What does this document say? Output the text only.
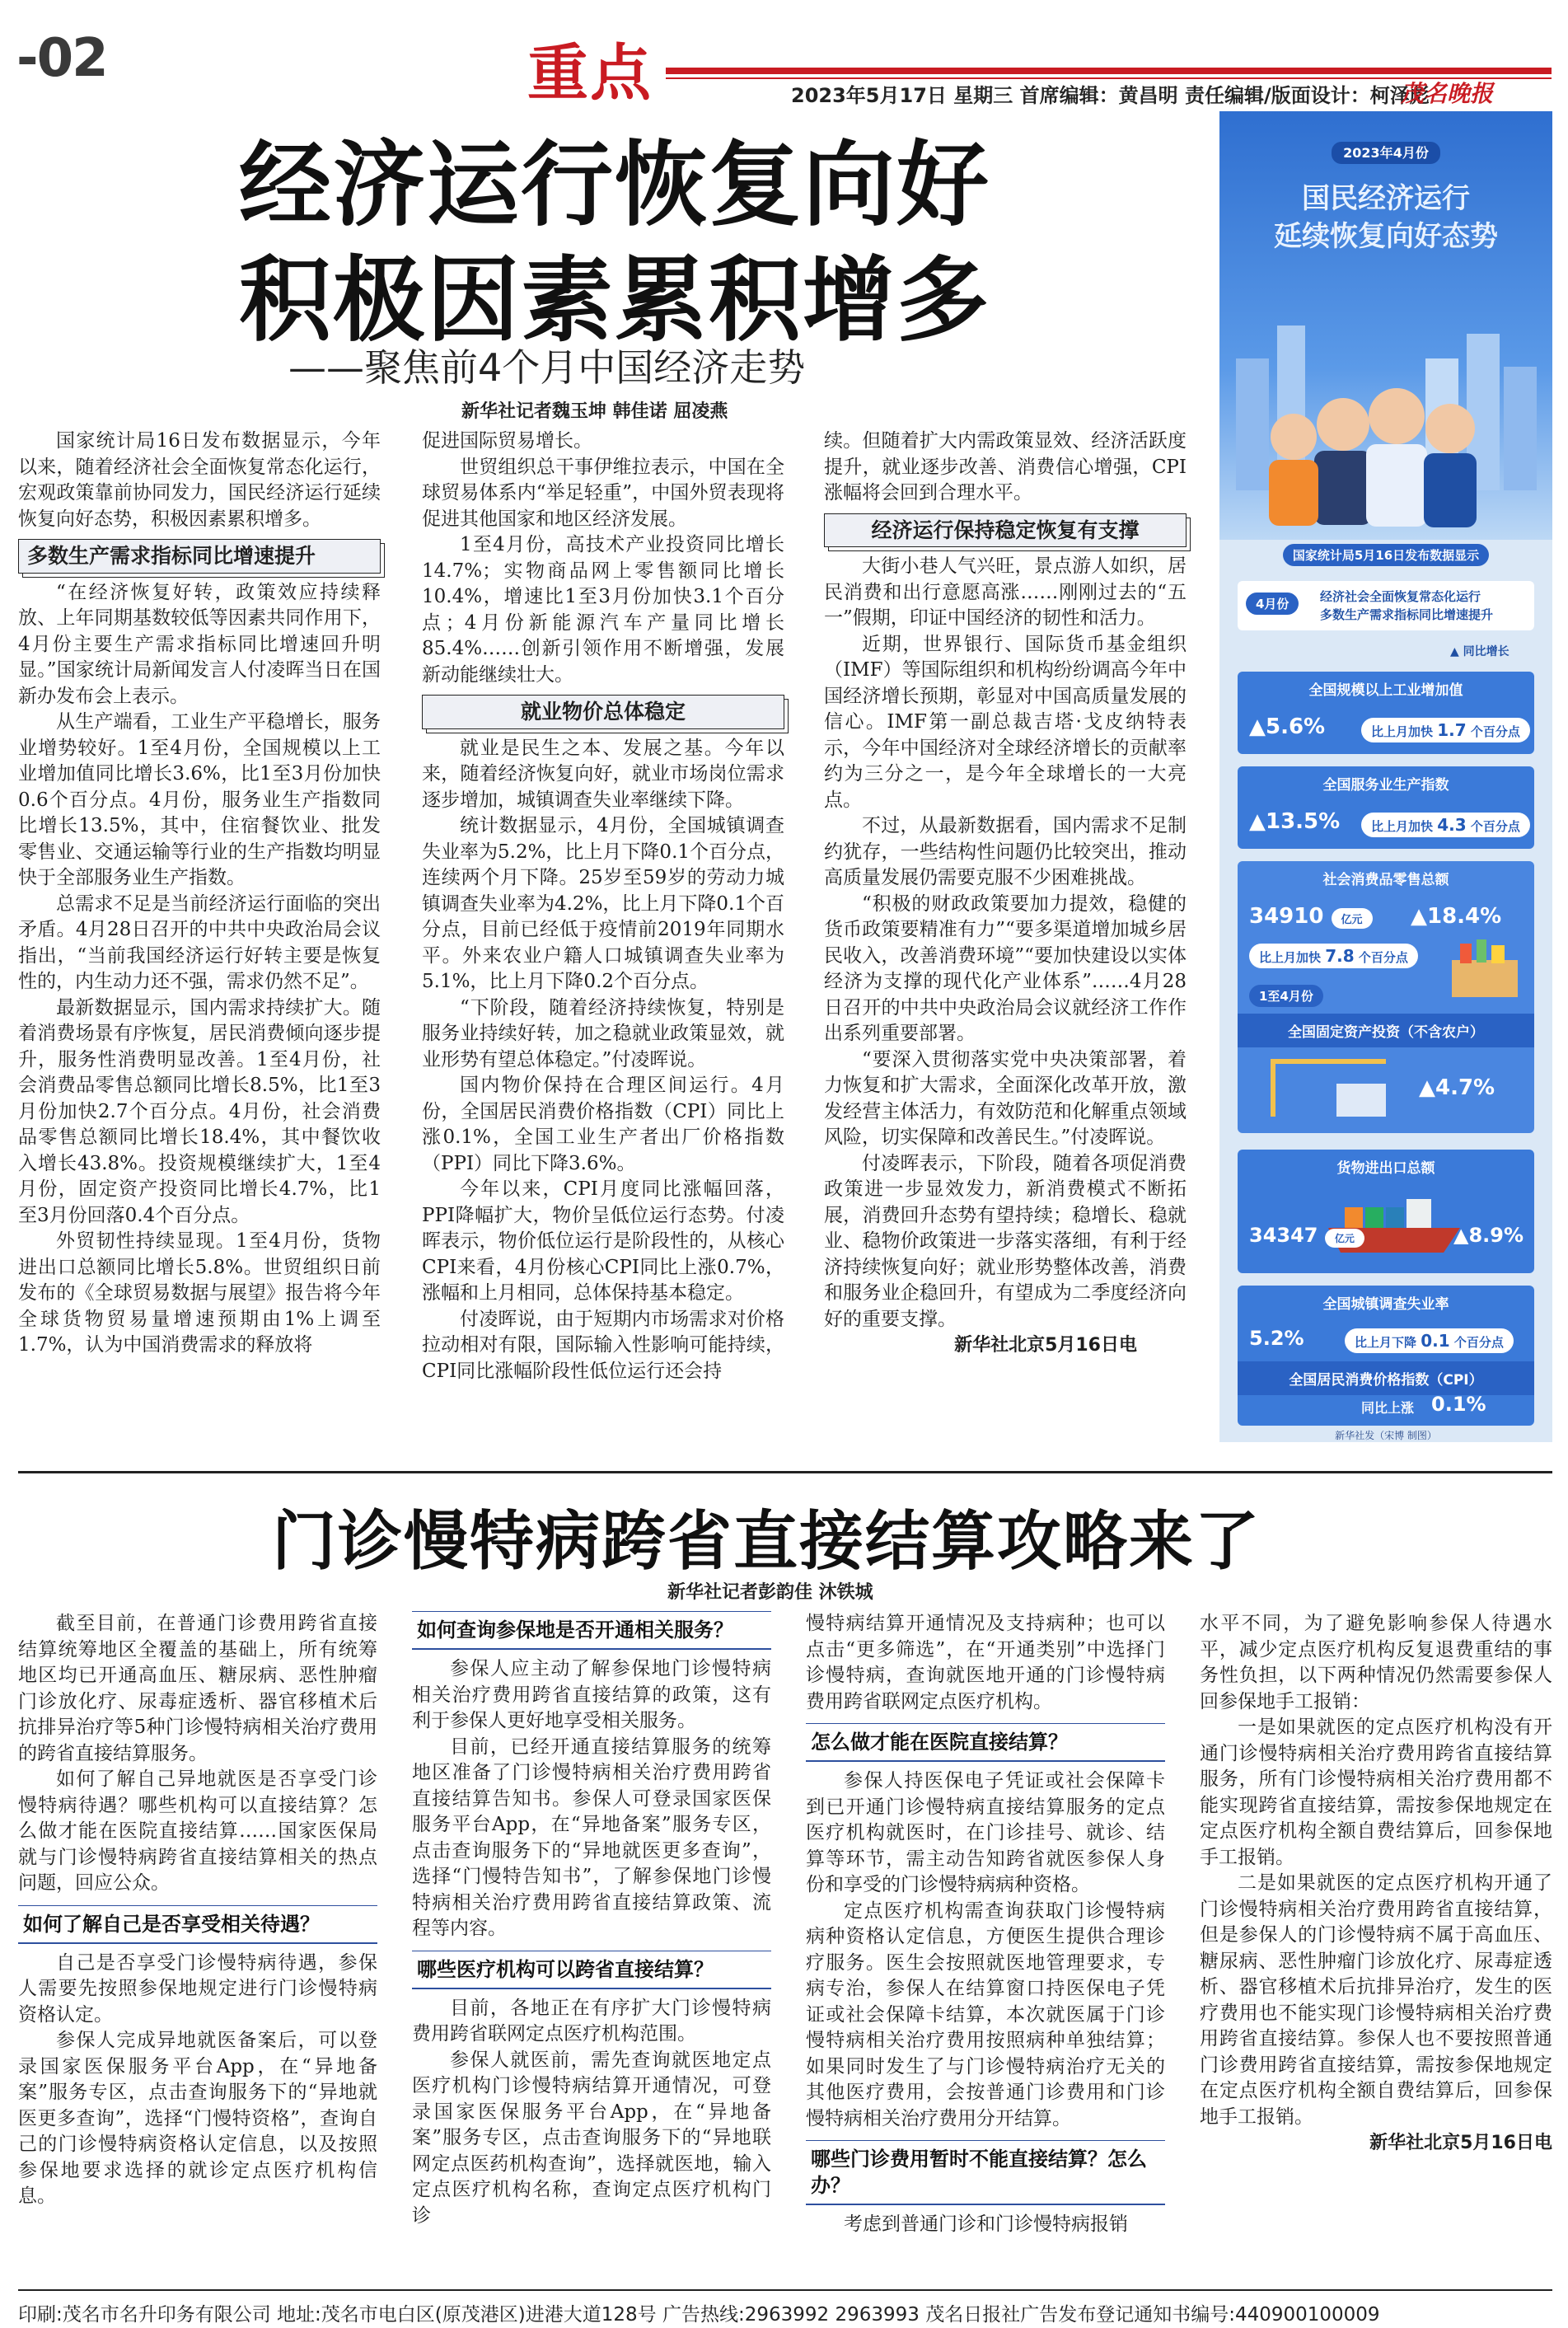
-02	重点	2023年5月17日 星期三 首席编辑：黄昌明 责任编辑/版面设计：柯泽彪
茂名晚报
经济运行恢复向好
积极因素累积增多
——聚焦前4个月中国经济走势
新华社记者魏玉坤 韩佳诺 屈凌燕

国家统计局16日发布数据显示，今年以来，随着经济社会全面恢复常态化运行，宏观政策靠前协同发力，国民经济运行延续恢复向好态势，积极因素累积增多。

多数生产需求指标同比增速提升

“在经济恢复好转，政策效应持续释放、上年同期基数较低等因素共同作用下，4月份主要生产需求指标同比增速回升明显。”国家统计局新闻发言人付凌晖当日在国新办发布会上表示。

从生产端看，工业生产平稳增长，服务业增势较好。1至4月份，全国规模以上工业增加值同比增长3.6%，比1至3月份加快0.6个百分点。4月份，服务业生产指数同比增长13.5%，其中，住宿餐饮业、批发零售业、交通运输等行业的生产指数均明显快于全部服务业生产指数。

总需求不足是当前经济运行面临的突出矛盾。4月28日召开的中共中央政治局会议指出，“当前我国经济运行好转主要是恢复性的，内生动力还不强，需求仍然不足”。

最新数据显示，国内需求持续扩大。随着消费场景有序恢复，居民消费倾向逐步提升，服务性消费明显改善。1至4月份，社会消费品零售总额同比增长8.5%，比1至3月份加快2.7个百分点。4月份，社会消费品零售总额同比增长18.4%，其中餐饮收入增长43.8%。投资规模继续扩大，1至4月份，固定资产投资同比增长4.7%，比1至3月份回落0.4个百分点。

外贸韧性持续显现。1至4月份，货物进出口总额同比增长5.8%。世贸组织日前发布的《全球贸易数据与展望》报告将今年全球货物贸易量增速预期由1%上调至1.7%，认为中国消费需求的释放将

促进国际贸易增长。

世贸组织总干事伊维拉表示，中国在全球贸易体系内“举足轻重”，中国外贸表现将促进其他国家和地区经济发展。

1至4月份，高技术产业投资同比增长14.7%；实物商品网上零售额同比增长10.4%，增速比1至3月份加快3.1个百分点；4月份新能源汽车产量同比增长85.4%……创新引领作用不断增强，发展新动能继续壮大。

就业物价总体稳定

就业是民生之本、发展之基。今年以来，随着经济恢复向好，就业市场岗位需求逐步增加，城镇调查失业率继续下降。

统计数据显示，4月份，全国城镇调查失业率为5.2%，比上月下降0.1个百分点，连续两个月下降。25岁至59岁的劳动力城镇调查失业率为4.2%，比上月下降0.1个百分点，目前已经低于疫情前2019年同期水平。外来农业户籍人口城镇调查失业率为5.1%，比上月下降0.2个百分点。

“下阶段，随着经济持续恢复，特别是服务业持续好转，加之稳就业政策显效，就业形势有望总体稳定。”付凌晖说。

国内物价保持在合理区间运行。4月份，全国居民消费价格指数（CPI）同比上涨0.1%，全国工业生产者出厂价格指数（PPI）同比下降3.6%。

今年以来，CPI月度同比涨幅回落，PPI降幅扩大，物价呈低位运行态势。付凌晖表示，物价低位运行是阶段性的，从核心CPI来看，4月份核心CPI同比上涨0.7%，涨幅和上月相同，总体保持基本稳定。

付凌晖说，由于短期内市场需求对价格拉动相对有限，国际输入性影响可能持续，CPI同比涨幅阶段性低位运行还会持

续。但随着扩大内需政策显效、经济活跃度提升，就业逐步改善、消费信心增强，CPI涨幅将会回到合理水平。

经济运行保持稳定恢复有支撑

大街小巷人气兴旺，景点游人如织，居民消费和出行意愿高涨……刚刚过去的“五一”假期，印证中国经济的韧性和活力。

近期，世界银行、国际货币基金组织（IMF）等国际组织和机构纷纷调高今年中国经济增长预期，彰显对中国高质量发展的信心。IMF第一副总裁吉塔·戈皮纳特表示，今年中国经济对全球经济增长的贡献率约为三分之一，是今年全球增长的一大亮点。

不过，从最新数据看，国内需求不足制约犹存，一些结构性问题仍比较突出，推动高质量发展仍需要克服不少困难挑战。

“积极的财政政策要加力提效，稳健的货币政策要精准有力”“要多渠道增加城乡居民收入，改善消费环境”“要加快建设以实体经济为支撑的现代化产业体系”……4月28日召开的中共中央政治局会议就经济工作作出系列重要部署。

“要深入贯彻落实党中央决策部署，着力恢复和扩大需求，全面深化改革开放，激发经营主体活力，有效防范和化解重点领域风险，切实保障和改善民生。”付凌晖说。

付凌晖表示，下阶段，随着各项促消费政策进一步显效发力，新消费模式不断拓展，消费回升态势有望持续；稳增长、稳就业、稳物价政策进一步落实落细，有利于经济持续恢复向好；就业形势整体改善，消费和服务业企稳回升，有望成为二季度经济向好的重要支撑。

新华社北京5月16日电
2023年4月份
国民经济运行
延续恢复向好态势
国家统计局5月16日发布数据显示
4月份	经济社会全面恢复常态化运行
多数生产需求指标同比增速提升
▲ 同比增长
全国规模以上工业增加值
▲5.6%	比上月加快 1.7 个百分点
全国服务业生产指数
▲13.5%	比上月加快 4.3 个百分点
社会消费品零售总额
34910 亿元	▲18.4%
比上月加快 7.8 个百分点
1至4月份
全国固定资产投资（不含农户）
▲4.7%
货物进出口总额
34347 亿元	▲8.9%
全国城镇调查失业率
5.2%	比上月下降 0.1 个百分点
全国居民消费价格指数（CPI）
同比上涨 0.1%
新华社发（宋博 制图）
门诊慢特病跨省直接结算攻略来了
新华社记者彭韵佳 沐铁城

截至目前，在普通门诊费用跨省直接结算统筹地区全覆盖的基础上，所有统筹地区均已开通高血压、糖尿病、恶性肿瘤门诊放化疗、尿毒症透析、器官移植术后抗排异治疗等5种门诊慢特病相关治疗费用的跨省直接结算服务。

如何了解自己异地就医是否享受门诊慢特病待遇？哪些机构可以直接结算？怎么做才能在医院直接结算……国家医保局就与门诊慢特病跨省直接结算相关的热点问题，回应公众。

如何了解自己是否享受相关待遇？

自己是否享受门诊慢特病待遇，参保人需要先按照参保地规定进行门诊慢特病资格认定。

参保人完成异地就医备案后，可以登录国家医保服务平台App，在“异地备案”服务专区，点击查询服务下的“异地就医更多查询”，选择“门慢特资格”，查询自己的门诊慢特病资格认定信息，以及按照参保地要求选择的就诊定点医疗机构信息。

如何查询参保地是否开通相关服务？

参保人应主动了解参保地门诊慢特病相关治疗费用跨省直接结算的政策，这有利于参保人更好地享受相关服务。

目前，已经开通直接结算服务的统筹地区准备了门诊慢特病相关治疗费用跨省直接结算告知书。参保人可登录国家医保服务平台App，在“异地备案”服务专区，点击查询服务下的“异地就医更多查询”，选择“门慢特告知书”，了解参保地门诊慢特病相关治疗费用跨省直接结算政策、流程等内容。

哪些医疗机构可以跨省直接结算？

目前，各地正在有序扩大门诊慢特病费用跨省联网定点医疗机构范围。

参保人就医前，需先查询就医地定点医疗机构门诊慢特病结算开通情况，可登录国家医保服务平台App，在“异地备案”服务专区，点击查询服务下的“异地联网定点医药机构查询”，选择就医地，输入定点医疗机构名称，查询定点医疗机构门诊

慢特病结算开通情况及支持病种；也可以点击“更多筛选”，在“开通类别”中选择门诊慢特病，查询就医地开通的门诊慢特病费用跨省联网定点医疗机构。

怎么做才能在医院直接结算？

参保人持医保电子凭证或社会保障卡到已开通门诊慢特病直接结算服务的定点医疗机构就医时，在门诊挂号、就诊、结算等环节，需主动告知跨省就医参保人身份和享受的门诊慢特病病种资格。

定点医疗机构需查询获取门诊慢特病病种资格认定信息，方便医生提供合理诊疗服务。医生会按照就医地管理要求，专病专治，参保人在结算窗口持医保电子凭证或社会保障卡结算，本次就医属于门诊慢特病相关治疗费用按照病种单独结算；如果同时发生了与门诊慢特病治疗无关的其他医疗费用，会按普通门诊费用和门诊慢特病相关治疗费用分开结算。

哪些门诊费用暂时不能直接结算？怎么办？

考虑到普通门诊和门诊慢特病报销

水平不同，为了避免影响参保人待遇水平，减少定点医疗机构反复退费重结的事务性负担，以下两种情况仍然需要参保人回参保地手工报销：

一是如果就医的定点医疗机构没有开通门诊慢特病相关治疗费用跨省直接结算服务，所有门诊慢特病相关治疗费用都不能实现跨省直接结算，需按参保地规定在定点医疗机构全额自费结算后，回参保地手工报销。

二是如果就医的定点医疗机构开通了门诊慢特病相关治疗费用跨省直接结算，但是参保人的门诊慢特病不属于高血压、糖尿病、恶性肿瘤门诊放化疗、尿毒症透析、器官移植术后抗排异治疗，发生的医疗费用也不能实现门诊慢特病相关治疗费用跨省直接结算。参保人也不要按照普通门诊费用跨省直接结算，需按参保地规定在定点医疗机构全额自费结算后，回参保地手工报销。

新华社北京5月16日电
印刷:茂名市名升印务有限公司 地址:茂名市电白区(原茂港区)进港大道128号 广告热线:2963992 2963993 茂名日报社广告发布登记通知书编号:440900100009
